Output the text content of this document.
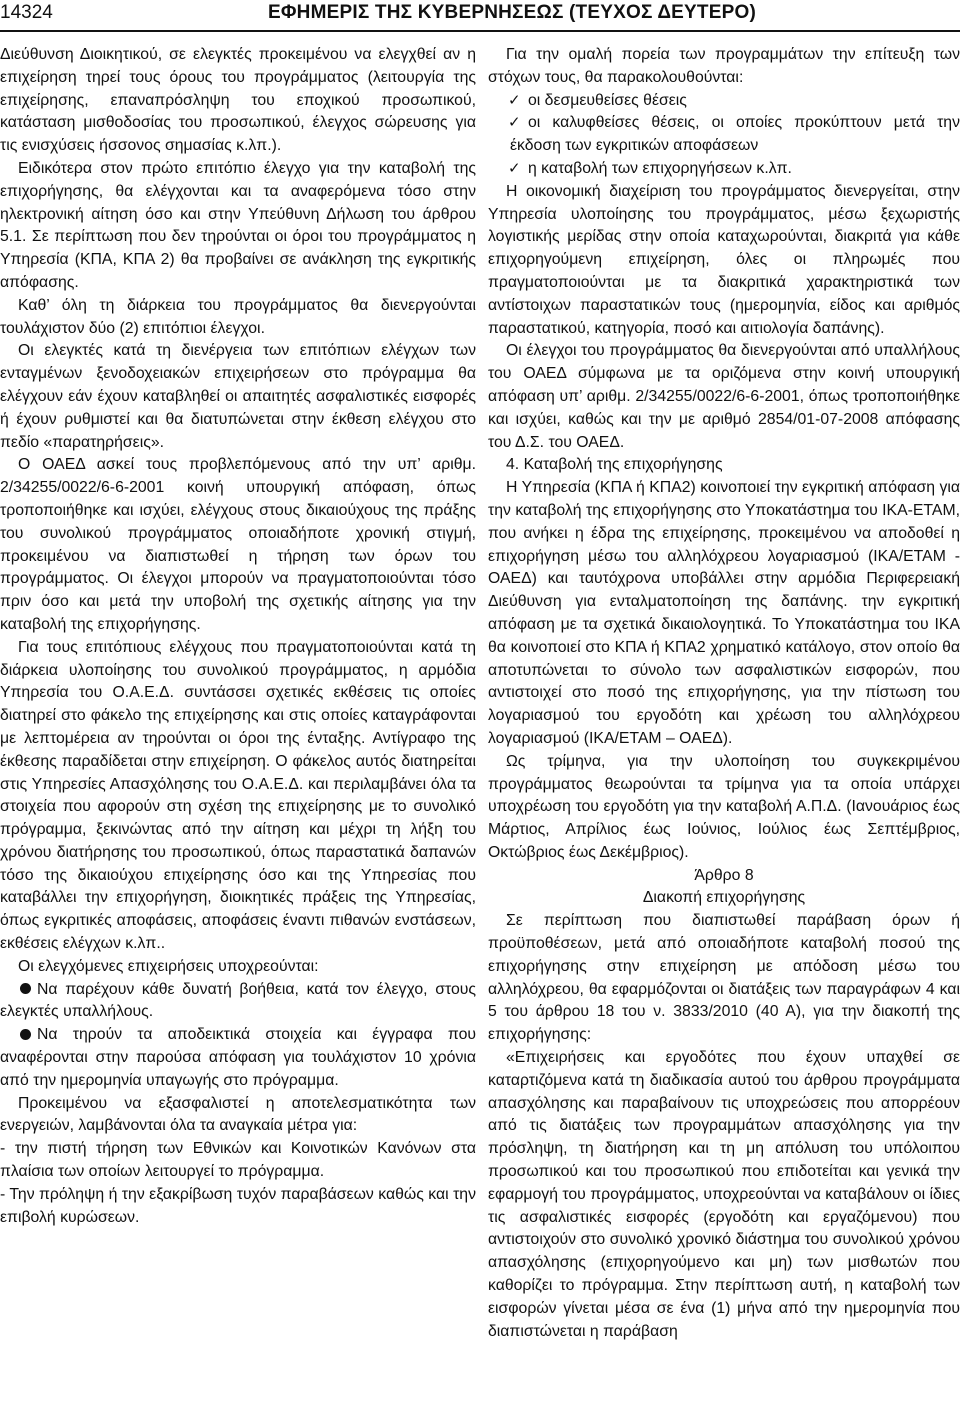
14324	ΕΦΗΜΕΡΙΣ ΤΗΣ ΚΥΒΕΡΝΗΣΕΩΣ (ΤΕΥΧΟΣ ΔΕΥΤΕΡΟ)

Διεύθυνση Διοικητικού, σε ελεγκτές προκειμένου να ελεγχθεί αν η επιχείρηση τηρεί τους όρους του προγράμματος (λειτουργία της επιχείρησης, επαναπρόσληψη του εποχικού προσωπικού, κατάσταση μισθοδοσίας του προσωπικού, έλεγχος σώρευσης για τις ενισχύσεις ήσσονος σημασίας κ.λπ.).

Ειδικότερα στον πρώτο επιτόπιο έλεγχο για την καταβολή της επιχορήγησης, θα ελέγχονται και τα αναφερόμενα τόσο στην ηλεκτρονική αίτηση όσο και στην Υπεύθυνη Δήλωση του άρθρου 5.1. Σε περίπτωση που δεν τηρούνται οι όροι του προγράμματος η Υπηρεσία (ΚΠΑ, ΚΠΑ 2) θα προβαίνει σε ανάκληση της εγκριτικής απόφασης.

Καθ’ όλη τη διάρκεια του προγράμματος θα διενεργούνται τουλάχιστον δύο (2) επιτόπιοι έλεγχοι.

Οι ελεγκτές κατά τη διενέργεια των επιτόπιων ελέγχων των ενταγμένων ξενοδοχειακών επιχειρήσεων στο πρόγραμμα θα ελέγχουν εάν έχουν καταβληθεί οι απαιτητές ασφαλιστικές εισφορές ή έχουν ρυθμιστεί και θα διατυπώνεται στην έκθεση ελέγχου στο πεδίο «παρατηρήσεις».

Ο ΟΑΕΔ ασκεί τους προβλεπόμενους από την υπ’ αριθμ. 2/34255/0022/6-6-2001 κοινή υπουργική απόφαση, όπως τροποποιήθηκε και ισχύει, ελέγχους στους δικαιούχους της πράξης του συνολικού προγράμματος οποιαδήποτε χρονική στιγμή, προκειμένου να διαπιστωθεί η τήρηση των όρων του προγράμματος. Οι έλεγχοι μπορούν να πραγματοποιούνται τόσο πριν όσο και μετά την υποβολή της σχετικής αίτησης για την καταβολή της επιχορήγησης.

Για τους επιτόπιους ελέγχους που πραγματοποιούνται κατά τη διάρκεια υλοποίησης του συνολικού προγράμματος, η αρμόδια Υπηρεσία του Ο.Α.Ε.Δ. συντάσσει σχετικές εκθέσεις τις οποίες διατηρεί στο φάκελο της επιχείρησης και στις οποίες καταγράφονται με λεπτομέρεια αν τηρούνται οι όροι της ένταξης. Αντίγραφο της έκθεσης παραδίδεται στην επιχείρηση. Ο φάκελος αυτός διατηρείται στις Υπηρεσίες Απασχόλησης του Ο.Α.Ε.Δ. και περιλαμβάνει όλα τα στοιχεία που αφορούν στη σχέση της επιχείρησης με το συνολικό πρόγραμμα, ξεκινώντας από την αίτηση και μέχρι τη λήξη του χρόνου διατήρησης του προσωπικού, όπως παραστατικά δαπανών τόσο της δικαιούχου επιχείρησης όσο και της Υπηρεσίας που καταβάλλει την επιχορήγηση, διοικητικές πράξεις της Υπηρεσίας, όπως εγκριτικές αποφάσεις, αποφάσεις έναντι πιθανών ενστάσεων, εκθέσεις ελέγχων κ.λπ..

Οι ελεγχόμενες επιχειρήσεις υποχρεούνται:

Να παρέχουν κάθε δυνατή βοήθεια, κατά τον έλεγχο, στους ελεγκτές υπαλλήλους.

Να τηρούν τα αποδεικτικά στοιχεία και έγγραφα που αναφέρονται στην παρούσα απόφαση για τουλάχιστον 10 χρόνια από την ημερομηνία υπαγωγής στο πρόγραμμα.

Προκειμένου να εξασφαλιστεί η αποτελεσματικότητα των ενεργειών, λαμβάνονται όλα τα αναγκαία μέτρα για:

- την πιστή τήρηση των Εθνικών και Κοινοτικών Κανόνων στα πλαίσια των οποίων λειτουργεί το πρόγραμμα.

- Την πρόληψη ή την εξακρίβωση τυχόν παραβάσεων καθώς και την επιβολή κυρώσεων.

Για την ομαλή πορεία των προγραμμάτων την επίτευξη των στόχων τους, θα παρακολουθούνται:

✓ οι δεσμευθείσες θέσεις

✓ οι καλυφθείσες θέσεις, οι οποίες προκύπτουν μετά την έκδοση των εγκριτικών αποφάσεων

✓ η καταβολή των επιχορηγήσεων κ.λπ.

Η οικονομική διαχείριση του προγράμματος διενεργείται, στην Υπηρεσία υλοποίησης του προγράμματος, μέσω ξεχωριστής λογιστικής μερίδας στην οποία καταχωρούνται, διακριτά για κάθε επιχορηγούμενη επιχείρηση, όλες οι πληρωμές που πραγματοποιούνται με τα διακριτικά χαρακτηριστικά των αντίστοιχων παραστατικών τους (ημερομηνία, είδος και αριθμός παραστατικού, κατηγορία, ποσό και αιτιολογία δαπάνης).

Οι έλεγχοι του προγράμματος θα διενεργούνται από υπαλλήλους του ΟΑΕΔ σύμφωνα με τα οριζόμενα στην κοινή υπουργική απόφαση υπ’ αριθμ. 2/34255/0022/6-6-2001, όπως τροποποιήθηκε και ισχύει, καθώς και την με αριθμό 2854/01-07-2008 απόφασης του Δ.Σ. του ΟΑΕΔ.

4. Καταβολή της επιχορήγησης

Η Υπηρεσία (ΚΠΑ ή ΚΠΑ2) κοινοποιεί την εγκριτική απόφαση για την καταβολή της επιχορήγησης στο Υποκατάστημα του ΙΚΑ-ΕΤΑΜ, που ανήκει η έδρα της επιχείρησης, προκειμένου να αποδοθεί η επιχορήγηση μέσω του αλληλόχρεου λογαριασμού (ΙΚΑ/ΕΤΑΜ - ΟΑΕΔ) και ταυτόχρονα υποβάλλει στην αρμόδια Περιφερειακή Διεύθυνση για ενταλματοποίηση της δαπάνης. την εγκριτική απόφαση με τα σχετικά δικαιολογητικά. Το Υποκατάστημα του ΙΚΑ θα κοινοποιεί στο ΚΠΑ ή ΚΠΑ2 χρηματικό κατάλογο, στον οποίο θα αποτυπώνεται το σύνολο των ασφαλιστικών εισφορών, που αντιστοιχεί στο ποσό της επιχορήγησης, για την πίστωση του λογαριασμού του εργοδότη και χρέωση του αλληλόχρεου λογαριασμού (ΙΚΑ/ΕΤΑΜ – ΟΑΕΔ).

Ως τρίμηνα, για την υλοποίηση του συγκεκριμένου προγράμματος θεωρούνται τα τρίμηνα για τα οποία υπάρχει υποχρέωση του εργοδότη για την καταβολή Α.Π.Δ. (Ιανουάριος έως Μάρτιος, Απρίλιος έως Ιούνιος, Ιούλιος έως Σεπτέμβριος, Οκτώβριος έως Δεκέμβριος).

Άρθρο 8

Διακοπή επιχορήγησης

Σε περίπτωση που διαπιστωθεί παράβαση όρων ή προϋποθέσεων, μετά από οποιαδήποτε καταβολή ποσού της επιχορήγησης στην επιχείρηση με απόδοση μέσω του αλληλόχρεου, θα εφαρμόζονται οι διατάξεις των παραγράφων 4 και 5 του άρθρου 18 του ν. 3833/2010 (40 Α), για την διακοπή της επιχορήγησης:

«Επιχειρήσεις και εργοδότες που έχουν υπαχθεί σε καταρτιζόμενα κατά τη διαδικασία αυτού του άρθρου προγράμματα απασχόλησης και παραβαίνουν τις υποχρεώσεις που απορρέουν από τις διατάξεις των προγραμμάτων απασχόλησης για την πρόσληψη, τη διατήρηση και τη μη απόλυση του υπόλοιπου προσωπικού και του προσωπικού που επιδοτείται και γενικά την εφαρμογή του προγράμματος, υποχρεούνται να καταβάλουν οι ίδιες τις ασφαλιστικές εισφορές (εργοδότη και εργαζόμενου) που αντιστοιχούν στο συνολικό χρονικό διάστημα του συνολικού χρόνου απασχόλησης (επιχορηγούμενο και μη) των μισθωτών που καθορίζει το πρόγραμμα. Στην περίπτωση αυτή, η καταβολή των εισφορών γίνεται μέσα σε ένα (1) μήνα από την ημερομηνία που διαπιστώνεται η παράβαση
